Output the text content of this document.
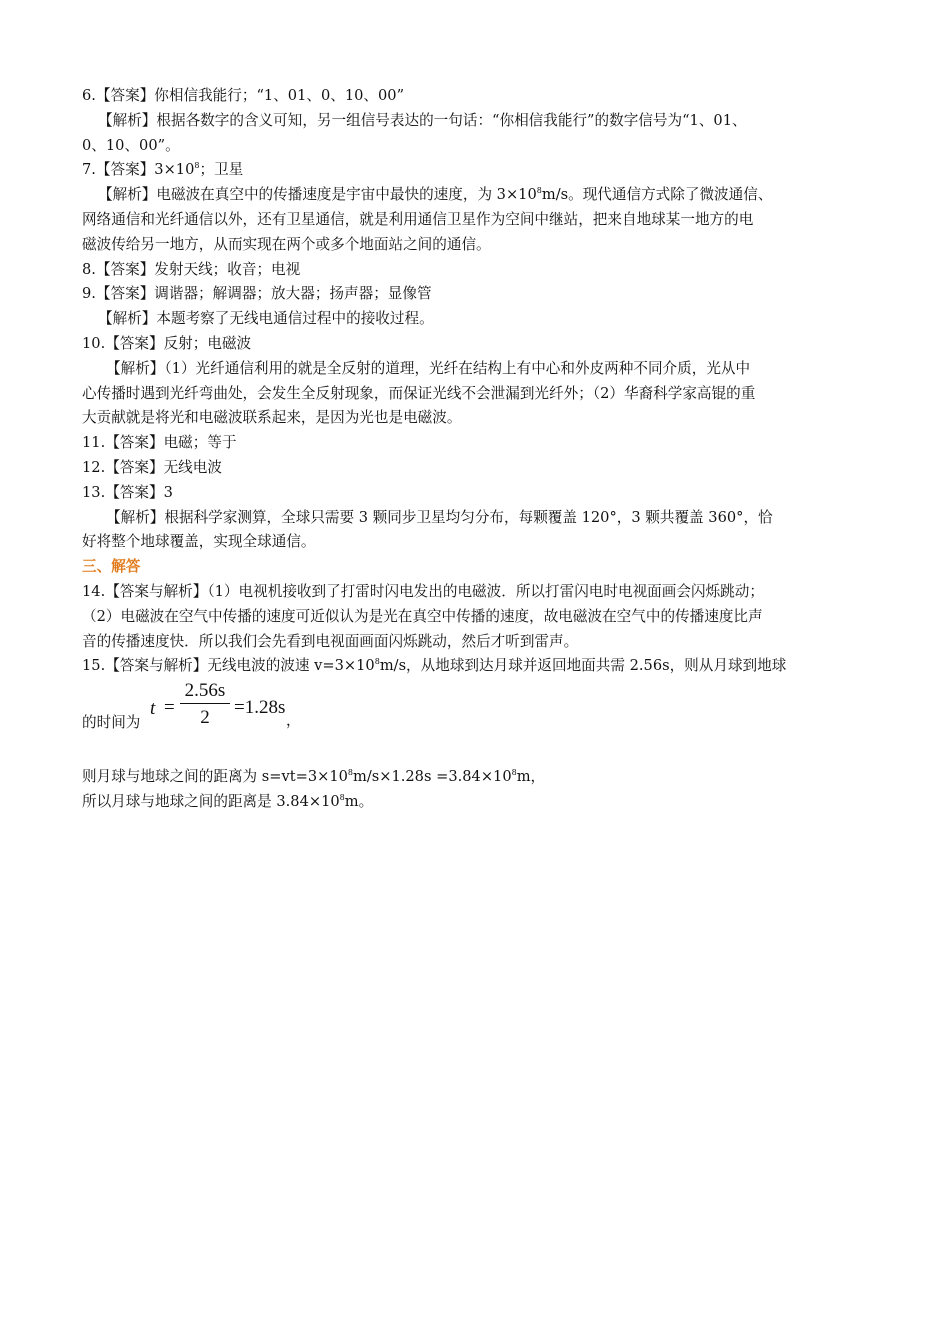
6.【答案】你相信我能行；“1、01、0、10、00”
【解析】根据各数字的含义可知，另一组信号表达的一句话：“你相信我能行”的数字信号为“1、01、
0、10、00”。
7.【答案】$3\times 10^8$；卫星
【解析】电磁波在真空中的传播速度是宇宙中最快的速度，为 $3\times 10^8m/s$。现代通信方式除了微波通信、
网络通信和光纤通信以外，还有卫星通信，就是利用通信卫星作为空间中继站，把来自地球某一地方的电
磁波传给另一地方，从而实现在两个或多个地面站之间的通信。
8.【答案】发射天线；收音；电视
9.【答案】调谐器；解调器；放大器；扬声器；显像管
【解析】本题考察了无线电通信过程中的接收过程。
10.【答案】反射；电磁波
【解析】（1）光纤通信利用的就是全反射的道理，光纤在结构上有中心和外皮两种不同介质，光从中
心传播时遇到光纤弯曲处，会发生全反射现象，而保证光线不会泄漏到光纤外；（2）华裔科学家高锟的重
大贡献就是将光和电磁波联系起来，是因为光也是电磁波。
11.【答案】电磁；等于
12.【答案】无线电波
13.【答案】3
【解析】根据科学家测算，全球只需要 3 颗同步卫星均匀分布，每颗覆盖 120°，3 颗共覆盖 360°，恰
好将整个地球覆盖，实现全球通信。
三、解答
14.【答案与解析】（1）电视机接收到了打雷时闪电发出的电磁波．所以打雷闪电时电视面画会闪烁跳动；
（2）电磁波在空气中传播的速度可近似认为是光在真空中传播的速度，故电磁波在空气中的传播速度比声
音的传播速度快．所以我们会先看到电视面画面闪烁跳动，然后才听到雷声。
15.【答案与解析】无线电波的波速 $v=3\times 10^8m/s$，从地球到达月球并返回地面共需 2.56s，则从月球到地球
的时间为
t =
2.56s
2	=1.28s
，
则月球与地球之间的距离为 $s=vt=3\times 10^8m/s\times 1.28s =3.84\times 10^8m$，
所以月球与地球之间的距离是 $3.84\times 10^8m$。
